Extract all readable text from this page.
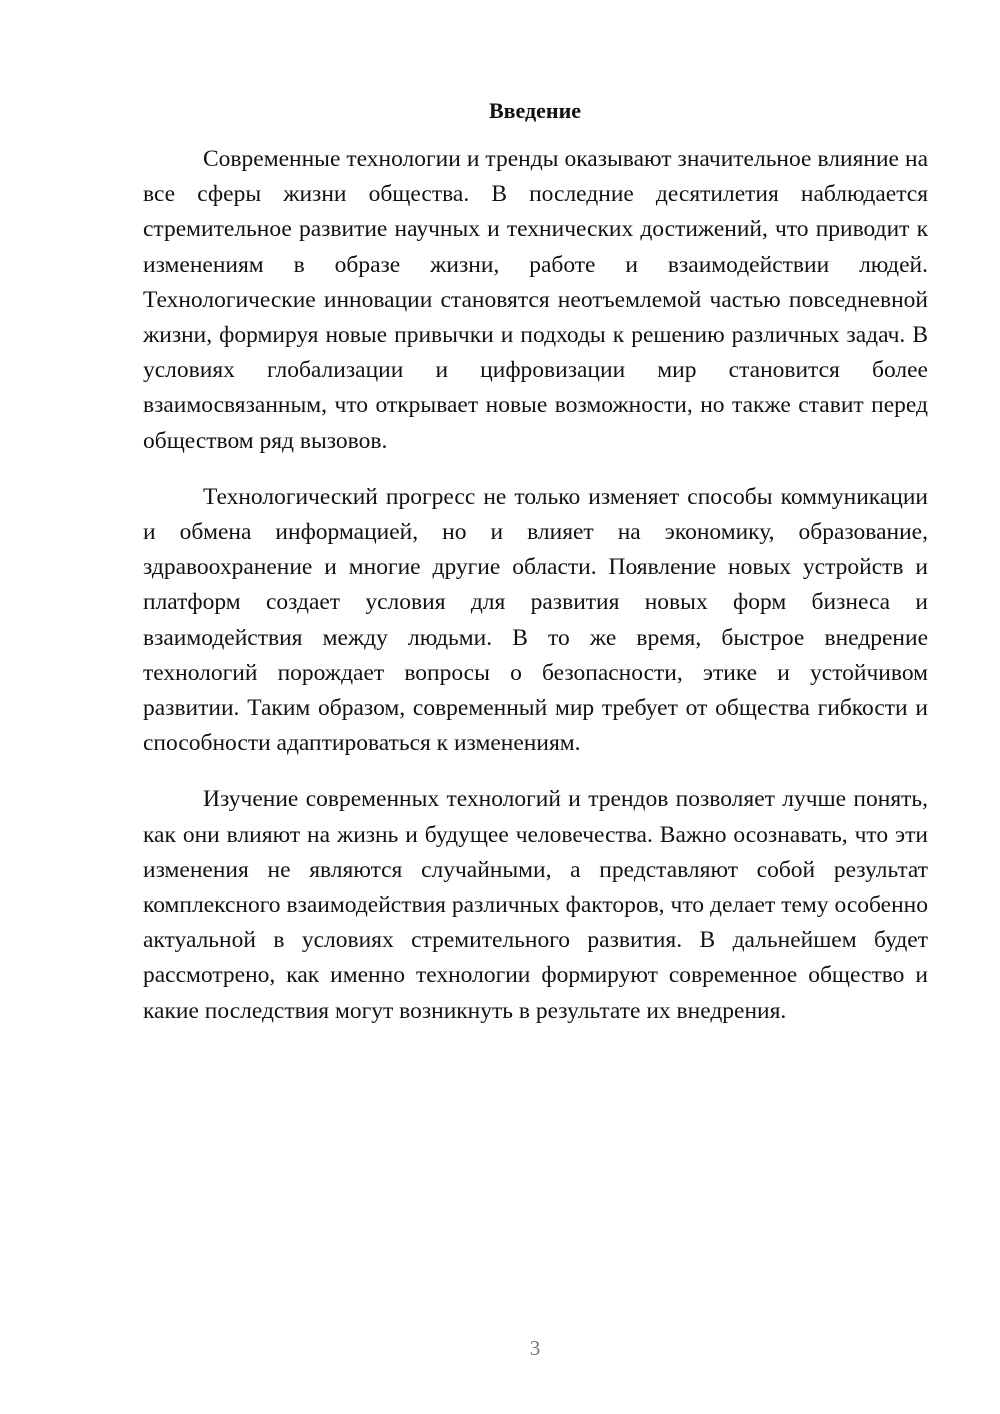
Введение

Современные технологии и тренды оказывают значительное влияние на все сферы жизни общества. В последние десятилетия наблюдается стремительное развитие научных и технических достижений, что приводит к изменениям в образе жизни, работе и взаимодействии людей. Технологические инновации становятся неотъемлемой частью повседневной жизни, формируя новые привычки и подходы к решению различных задач. В условиях глобализации и цифровизации мир становится более взаимосвязанным, что открывает новые возможности, но также ставит перед обществом ряд вызовов.

Технологический прогресс не только изменяет способы коммуникации и обмена информацией, но и влияет на экономику, образование, здравоохранение и многие другие области. Появление новых устройств и платформ создает условия для развития новых форм бизнеса и взаимодействия между людьми. В то же время, быстрое внедрение технологий порождает вопросы о безопасности, этике и устойчивом развитии. Таким образом, современный мир требует от общества гибкости и способности адаптироваться к изменениям.

Изучение современных технологий и трендов позволяет лучше понять, как они влияют на жизнь и будущее человечества. Важно осознавать, что эти изменения не являются случайными, а представляют собой результат комплексного взаимодействия различных факторов, что делает тему особенно актуальной в условиях стремительного развития. В дальнейшем будет рассмотрено, как именно технологии формируют современное общество и какие последствия могут возникнуть в результате их внедрения.

3
